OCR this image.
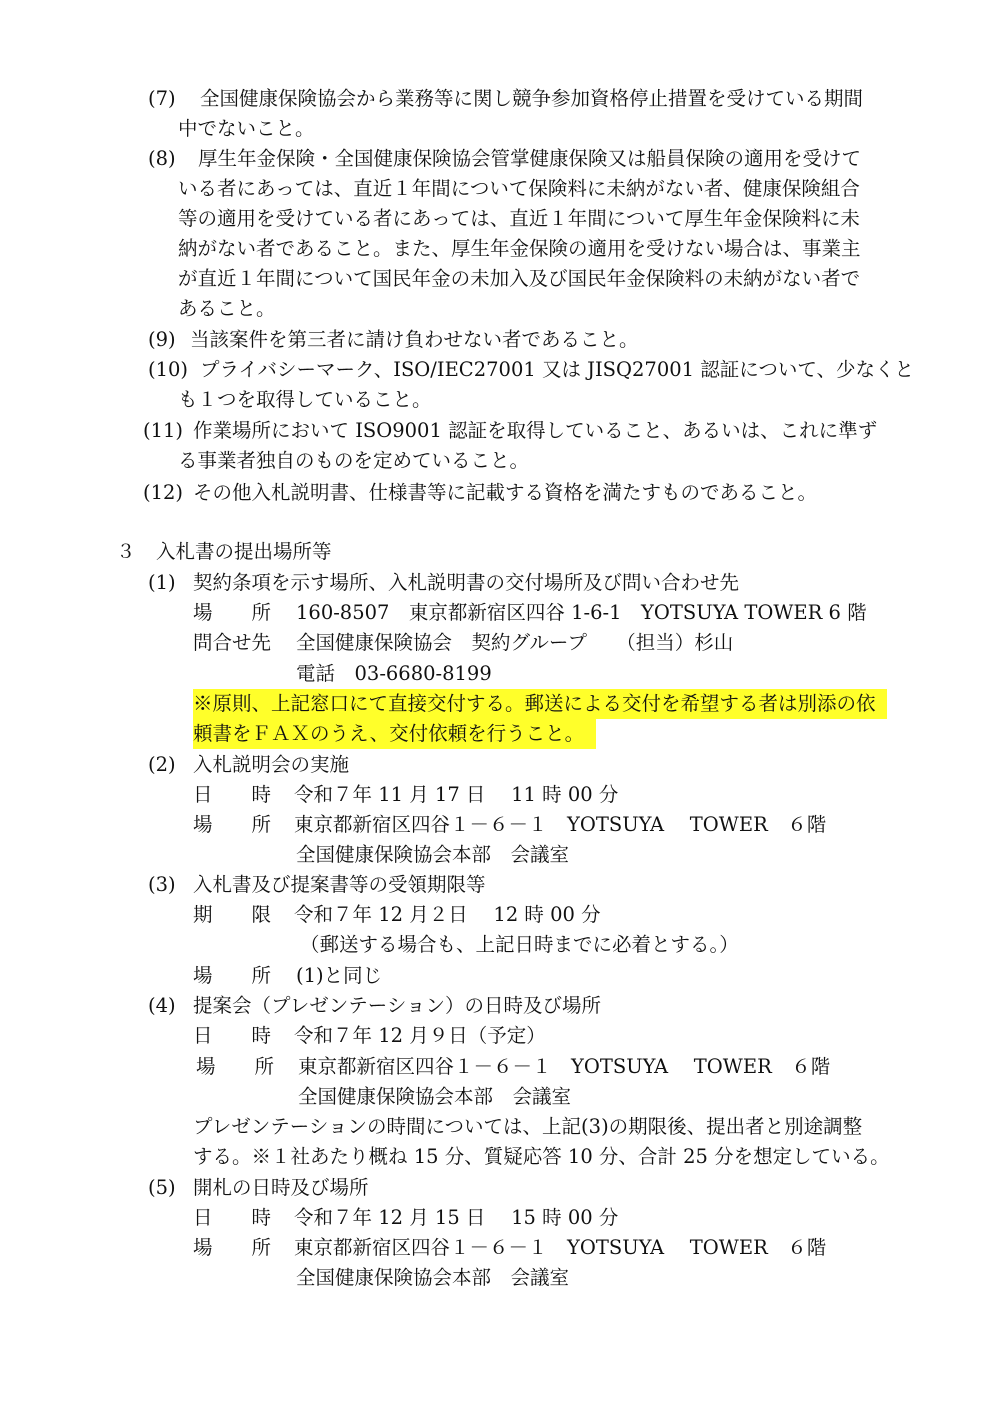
(7) 全国健康保険協会から業務等に関し競争参加資格停止措置を受けている期間
中でないこと。
(8) 厚生年金保険・全国健康保険協会管掌健康保険又は船員保険の適用を受けて
いる者にあっては、直近１年間について保険料に未納がない者、健康保険組合
等の適用を受けている者にあっては、直近１年間について厚生年金保険料に未
納がない者であること。また、厚生年金保険の適用を受けない場合は、事業主
が直近１年間について国民年金の未加入及び国民年金保険料の未納がない者で
あること。
(9) 当該案件を第三者に請け負わせない者であること。
(10) プライバシーマーク、ISO/IEC27001 又は JISQ27001 認証について、少なくと
も１つを取得していること。
(11) 作業場所において ISO9001 認証を取得していること、あるいは、これに準ず
る事業者独自のものを定めていること。
(12) その他入札説明書、仕様書等に記載する資格を満たすものであること。
３ 入札書の提出場所等
(1) 契約条項を示す場所、入札説明書の交付場所及び問い合わせ先
場　　所 160-8507　東京都新宿区四谷 1-6-1　YOTSUYA TOWER 6 階
問合せ先 全国健康保険協会　契約グループ　　（担当）杉山
電話　03-6680-8199
※原則、上記窓口にて直接交付する。郵送による交付を希望する者は別添の依
頼書をＦＡＸのうえ、交付依頼を行うこと。
(2) 入札説明会の実施
日　　時 令和７年 11 月 17 日　 11 時 00 分
場　　所 東京都新宿区四谷１－６－１　YOTSUYA　 TOWER　６階
全国健康保険協会本部　会議室
(3) 入札書及び提案書等の受領期限等
期　　限 令和７年 12 月２日　 12 時 00 分
（郵送する場合も、上記日時までに必着とする。）
場　　所 (1)と同じ
(4) 提案会（プレゼンテーション）の日時及び場所
日　　時 令和７年 12 月９日（予定）
場　　所 東京都新宿区四谷１－６－１　YOTSUYA　 TOWER　６階
全国健康保険協会本部　会議室
プレゼンテーションの時間については、上記(3)の期限後、提出者と別途調整
する。※１社あたり概ね 15 分、質疑応答 10 分、合計 25 分を想定している。
(5) 開札の日時及び場所
日　　時 令和７年 12 月 15 日　 15 時 00 分
場　　所 東京都新宿区四谷１－６－１　YOTSUYA　 TOWER　６階
全国健康保険協会本部　会議室
